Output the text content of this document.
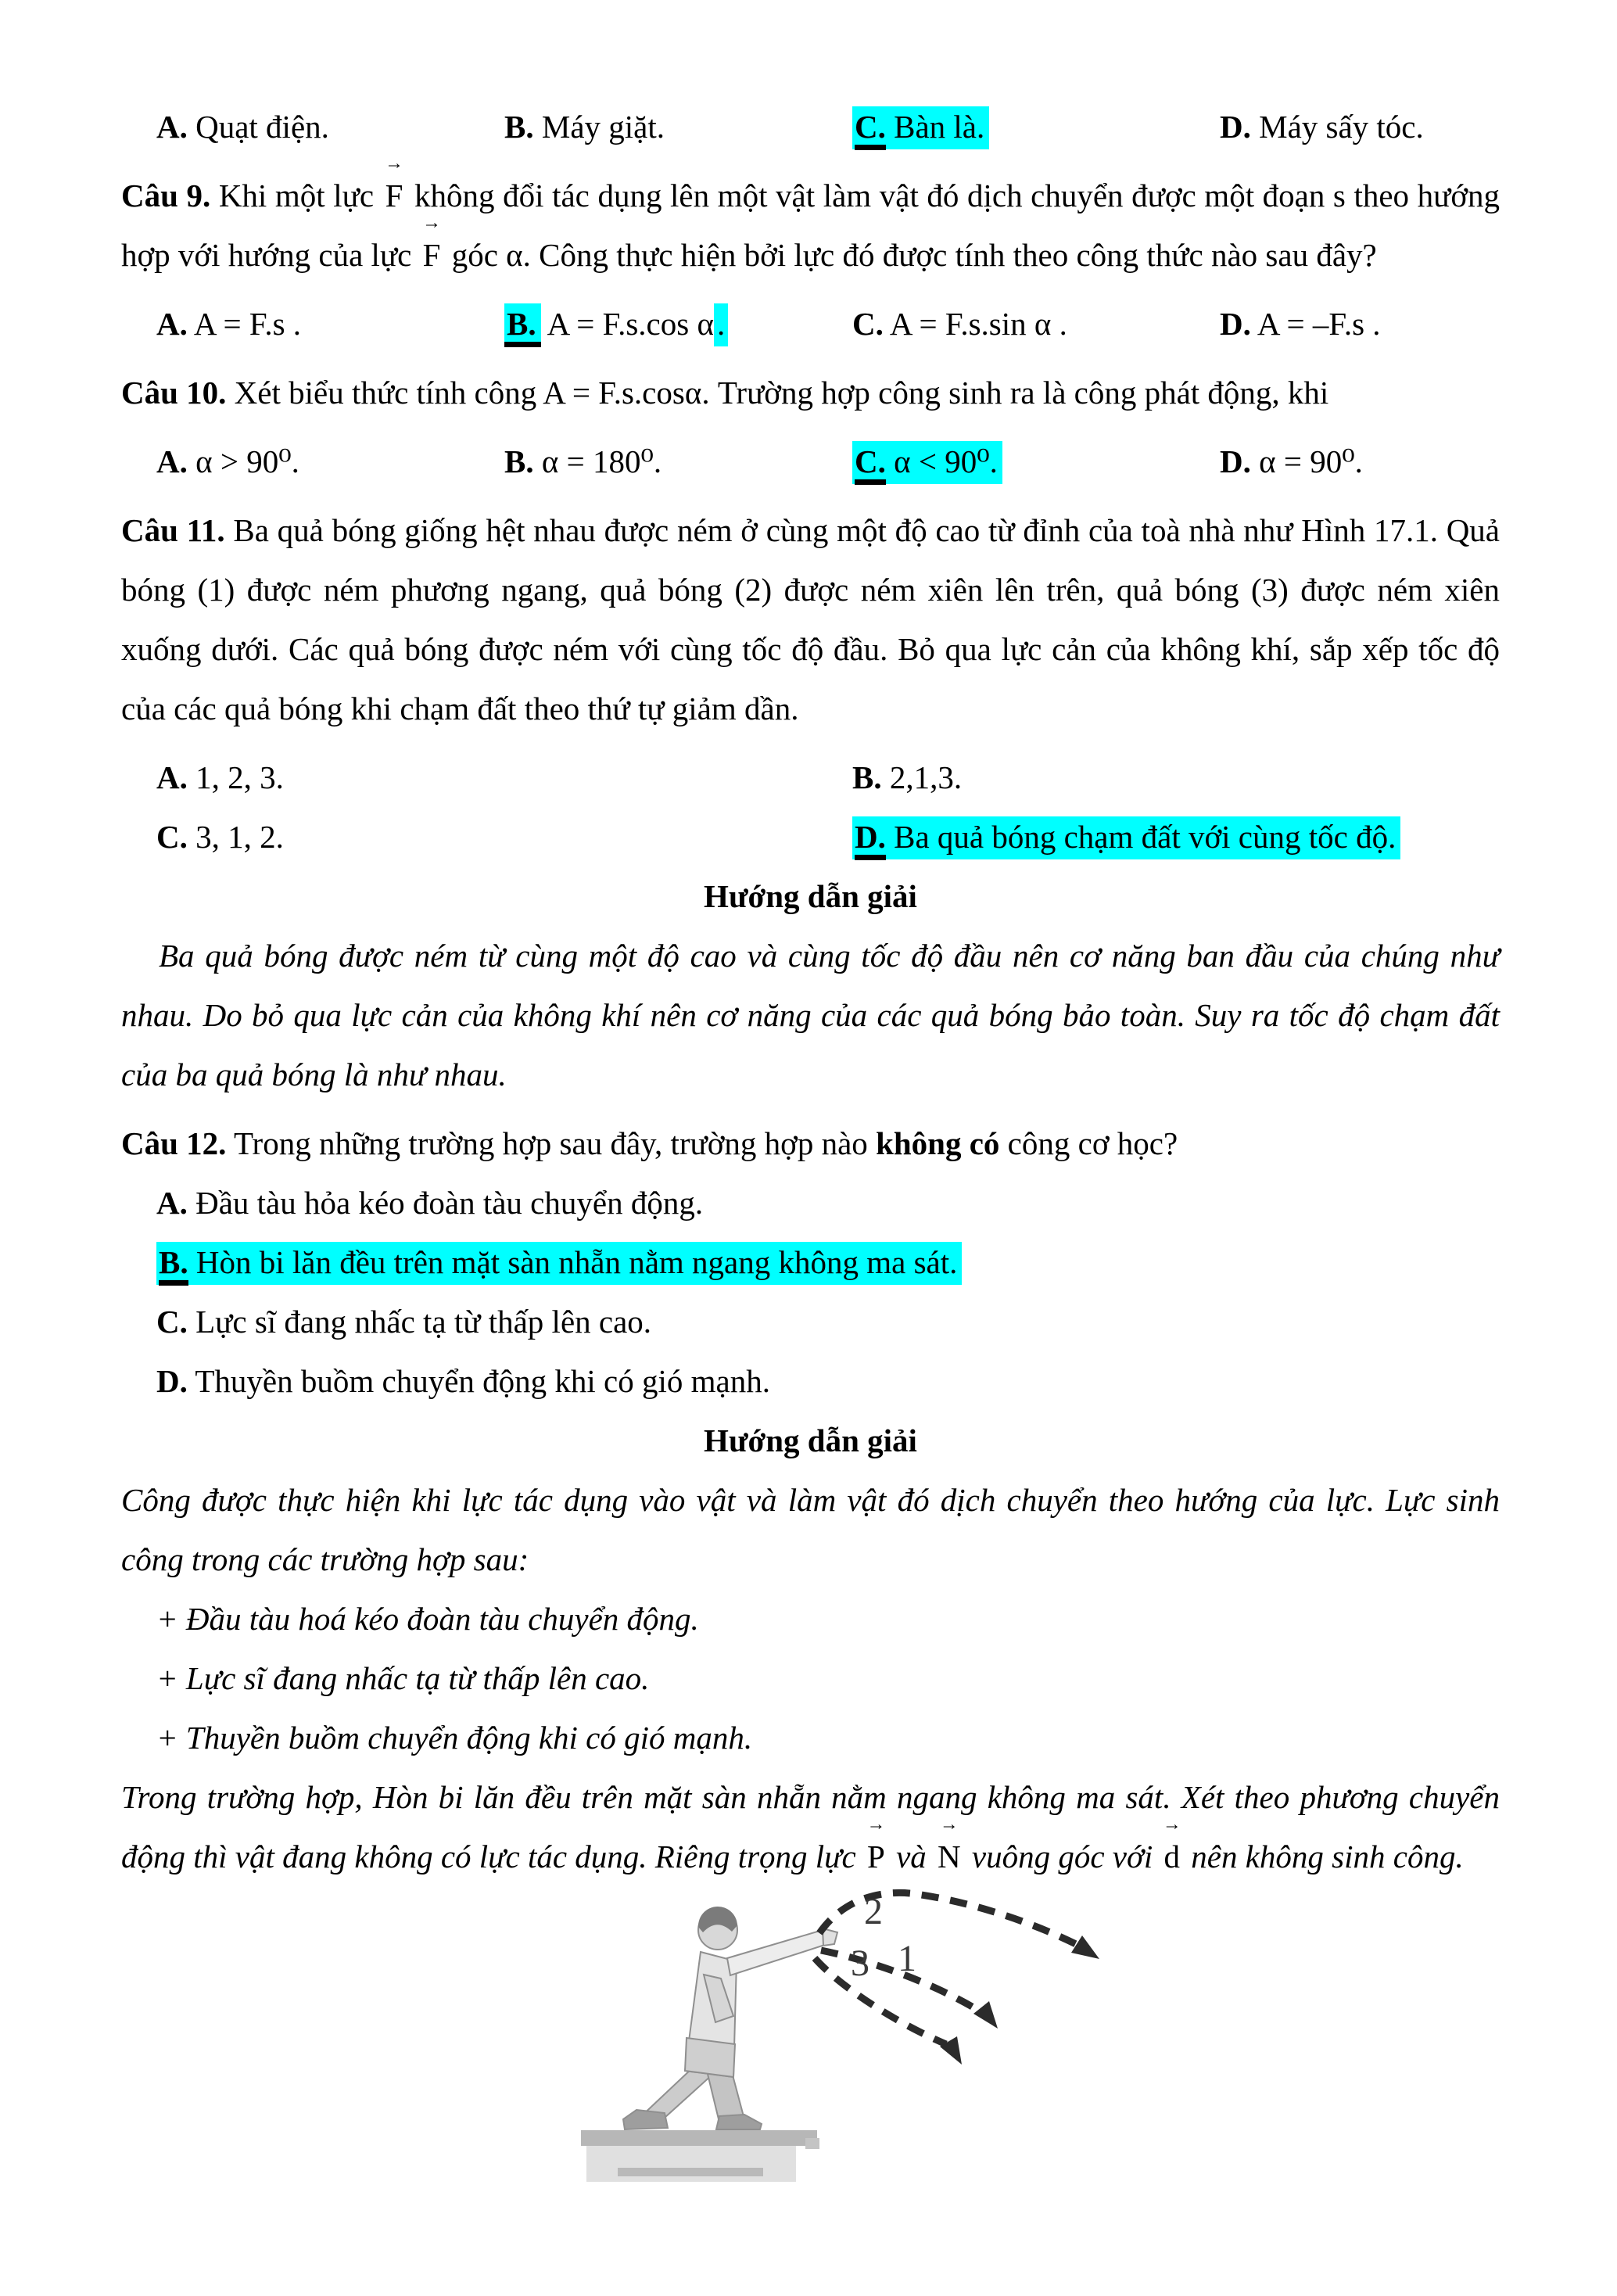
A. Quạt điện.	B. Máy giặt.	C. Bàn là.	D. Máy sấy tóc.

Câu 9. Khi một lực → F không đổi tác dụng lên một vật làm vật đó dịch chuyển được một đoạn s theo hướng hợp với hướng của lực → F góc α. Công thực hiện bởi lực đó được tính theo công thức nào sau đây?

A. A = F.s .	B. A = F.s.cos α.	C. A = F.s.sin α .	D. A = –F.s .

Câu 10. Xét biểu thức tính công A = F.s.cosα. Trường hợp công sinh ra là công phát động, khi

A. α > 90⁰.	B. α = 180⁰.	C. α < 90⁰.	D. α = 90⁰.

Câu 11. Ba quả bóng giống hệt nhau được ném ở cùng một độ cao từ đỉnh của toà nhà như Hình 17.1. Quả bóng (1) được ném phương ngang, quả bóng (2) được ném xiên lên trên, quả bóng (3) được ném xiên xuống dưới. Các quả bóng được ném với cùng tốc độ đầu. Bỏ qua lực cản của không khí, sắp xếp tốc độ của các quả bóng khi chạm đất theo thứ tự giảm dần.

A. 1, 2, 3.	B. 2,1,3.
C. 3, 1, 2.	D. Ba quả bóng chạm đất với cùng tốc độ.

Hướng dẫn giải

Ba quả bóng được ném từ cùng một độ cao và cùng tốc độ đầu nên cơ năng ban đầu của chúng như nhau. Do bỏ qua lực cản của không khí nên cơ năng của các quả bóng bảo toàn. Suy ra tốc độ chạm đất của ba quả bóng là như nhau.

Câu 12. Trong những trường hợp sau đây, trường hợp nào không có công cơ học?

A. Đầu tàu hỏa kéo đoàn tàu chuyển động.
B. Hòn bi lăn đều trên mặt sàn nhẵn nằm ngang không ma sát.
C. Lực sĩ đang nhấc tạ từ thấp lên cao.
D. Thuyền buồm chuyển động khi có gió mạnh.

Hướng dẫn giải

Công được thực hiện khi lực tác dụng vào vật và làm vật đó dịch chuyển theo hướng của lực. Lực sinh công trong các trường hợp sau:

+ Đầu tàu hoá kéo đoàn tàu chuyển động.

+ Lực sĩ đang nhấc tạ từ thấp lên cao.

+ Thuyền buồm chuyển động khi có gió mạnh.

Trong trường hợp, Hòn bi lăn đều trên mặt sàn nhẵn nằm ngang không ma sát. Xét theo phương chuyển động thì vật đang không có lực tác dụng. Riêng trọng lực → P và → N vuông góc với → d nên không sinh công.

2
1
3
